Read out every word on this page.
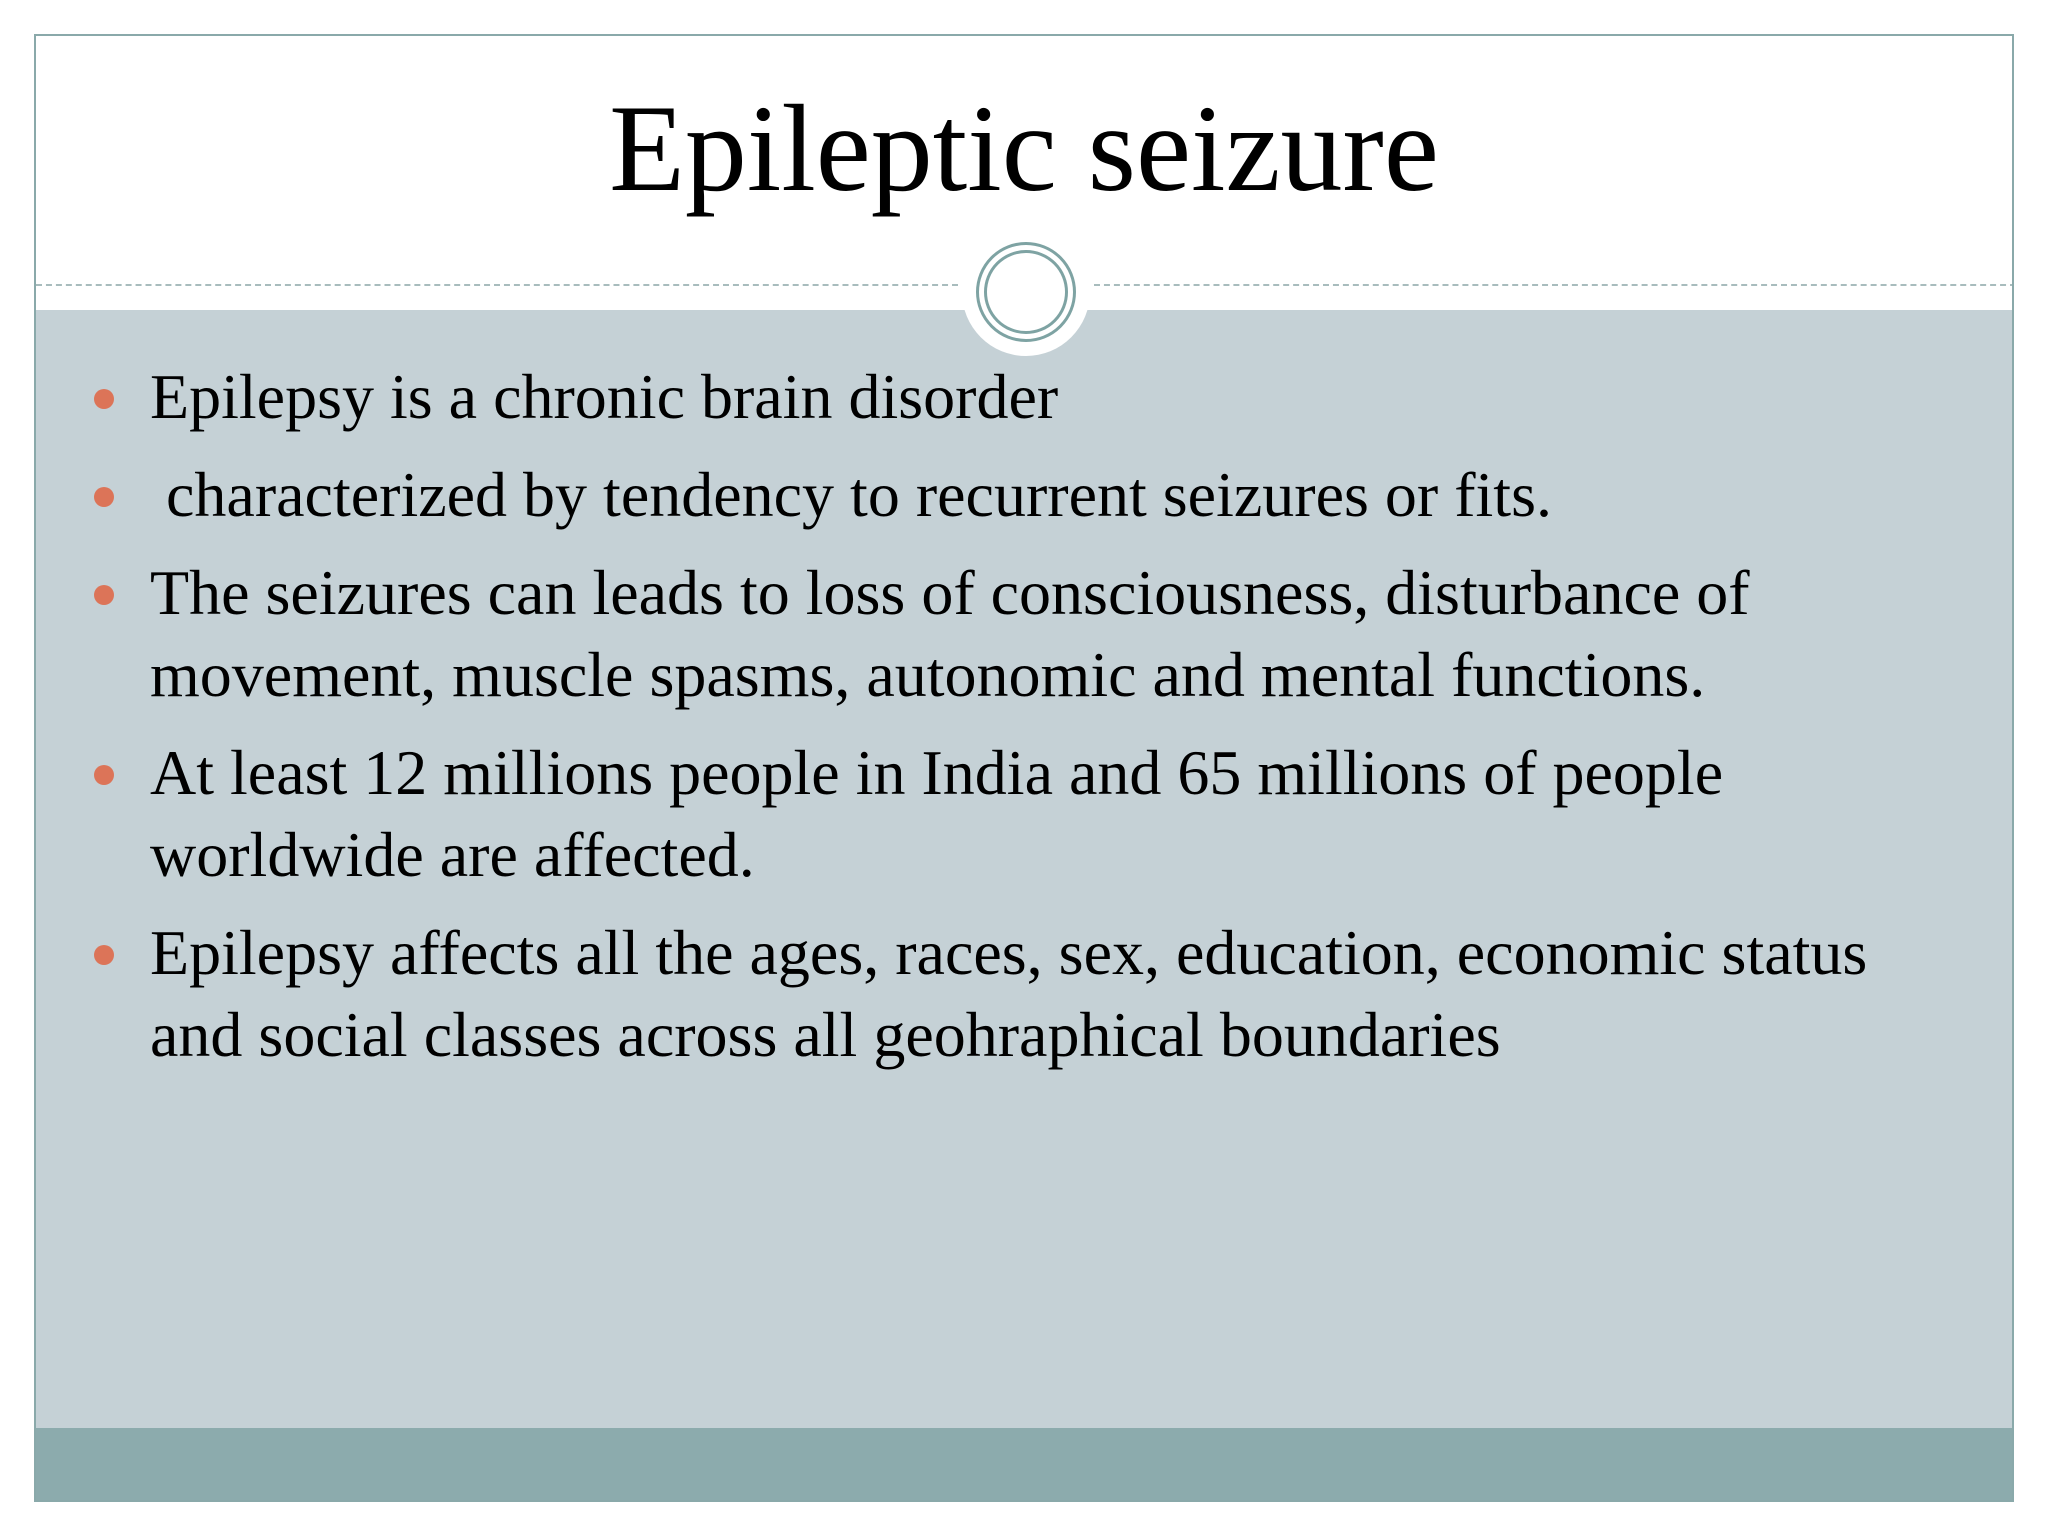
Epileptic seizure
Epilepsy is a chronic brain disorder
characterized by tendency to recurrent seizures or fits.
The seizures can leads to loss of consciousness, disturbance of movement, muscle spasms, autonomic and mental functions.
At least 12 millions people in India and 65 millions of people worldwide are affected.
Epilepsy affects all the ages, races, sex, education, economic status and social classes across all geohraphical boundaries
